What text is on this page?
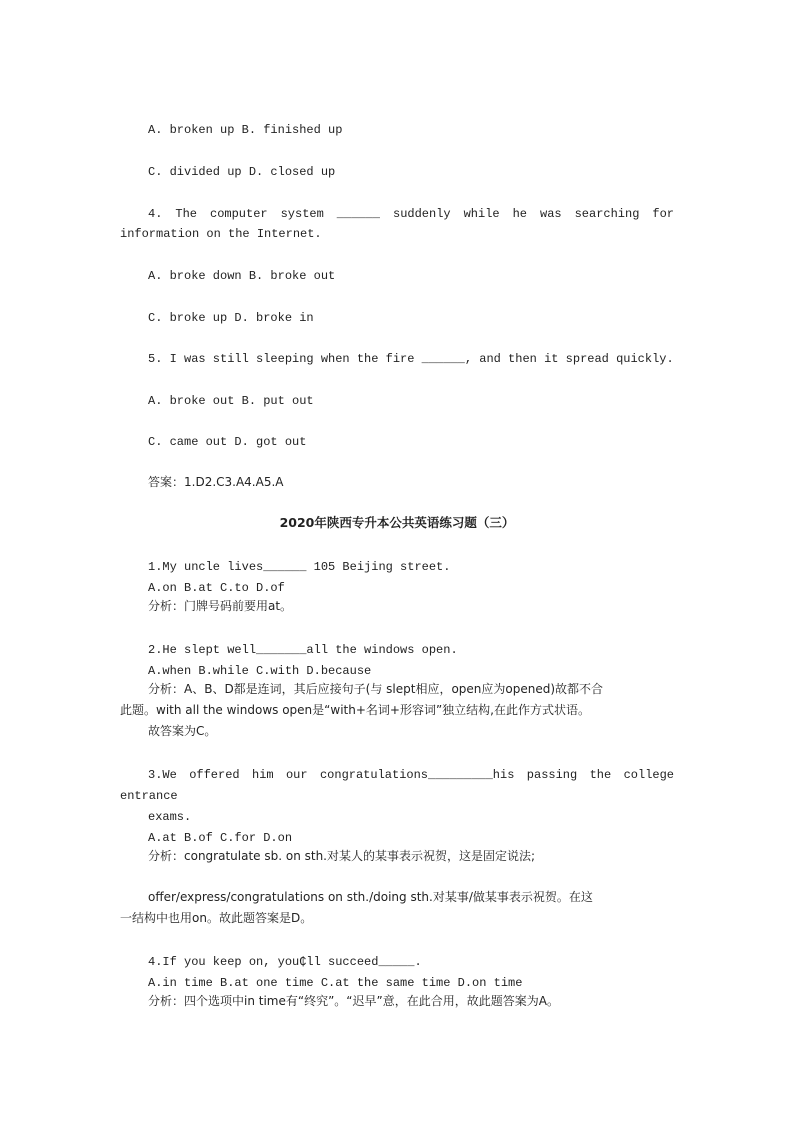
A. broken up B. finished up
C. divided up D. closed up
4. The computer system ______ suddenly while he was searching for
information on the Internet.
A. broke down B. broke out
C. broke up D. broke in
5. I was still sleeping when the fire ______, and then it spread quickly.
A. broke out B. put out
C. came out D. got out
答案：1.D2.C3.A4.A5.A
2020年陕西专升本公共英语练习题（三）
1.My uncle lives______ 105 Beijing street.
A.on B.at C.to D.of
分析：门牌号码前要用at。
2.He slept well_______all the windows open.
A.when B.while C.with D.because
分析：A、B、D都是连词，其后应接句子(与 slept相应，open应为opened)故都不合
此题。with all the windows open是“with+名词+形容词”独立结构,在此作方式状语。
故答案为C。
3.We offered him our congratulations_________his passing the college
entrance
exams.
A.at B.of C.for D.on
分析：congratulate sb. on sth.对某人的某事表示祝贺，这是固定说法;
offer/express/congratulations on sth./doing sth.对某事/做某事表示祝贺。在这
一结构中也用on。故此题答案是D。
4.If you keep on, you₵ll succeed_____.
A.in time B.at one time C.at the same time D.on time
分析：四个选项中in time有“终究”。“迟早”意，在此合用，故此题答案为A。
